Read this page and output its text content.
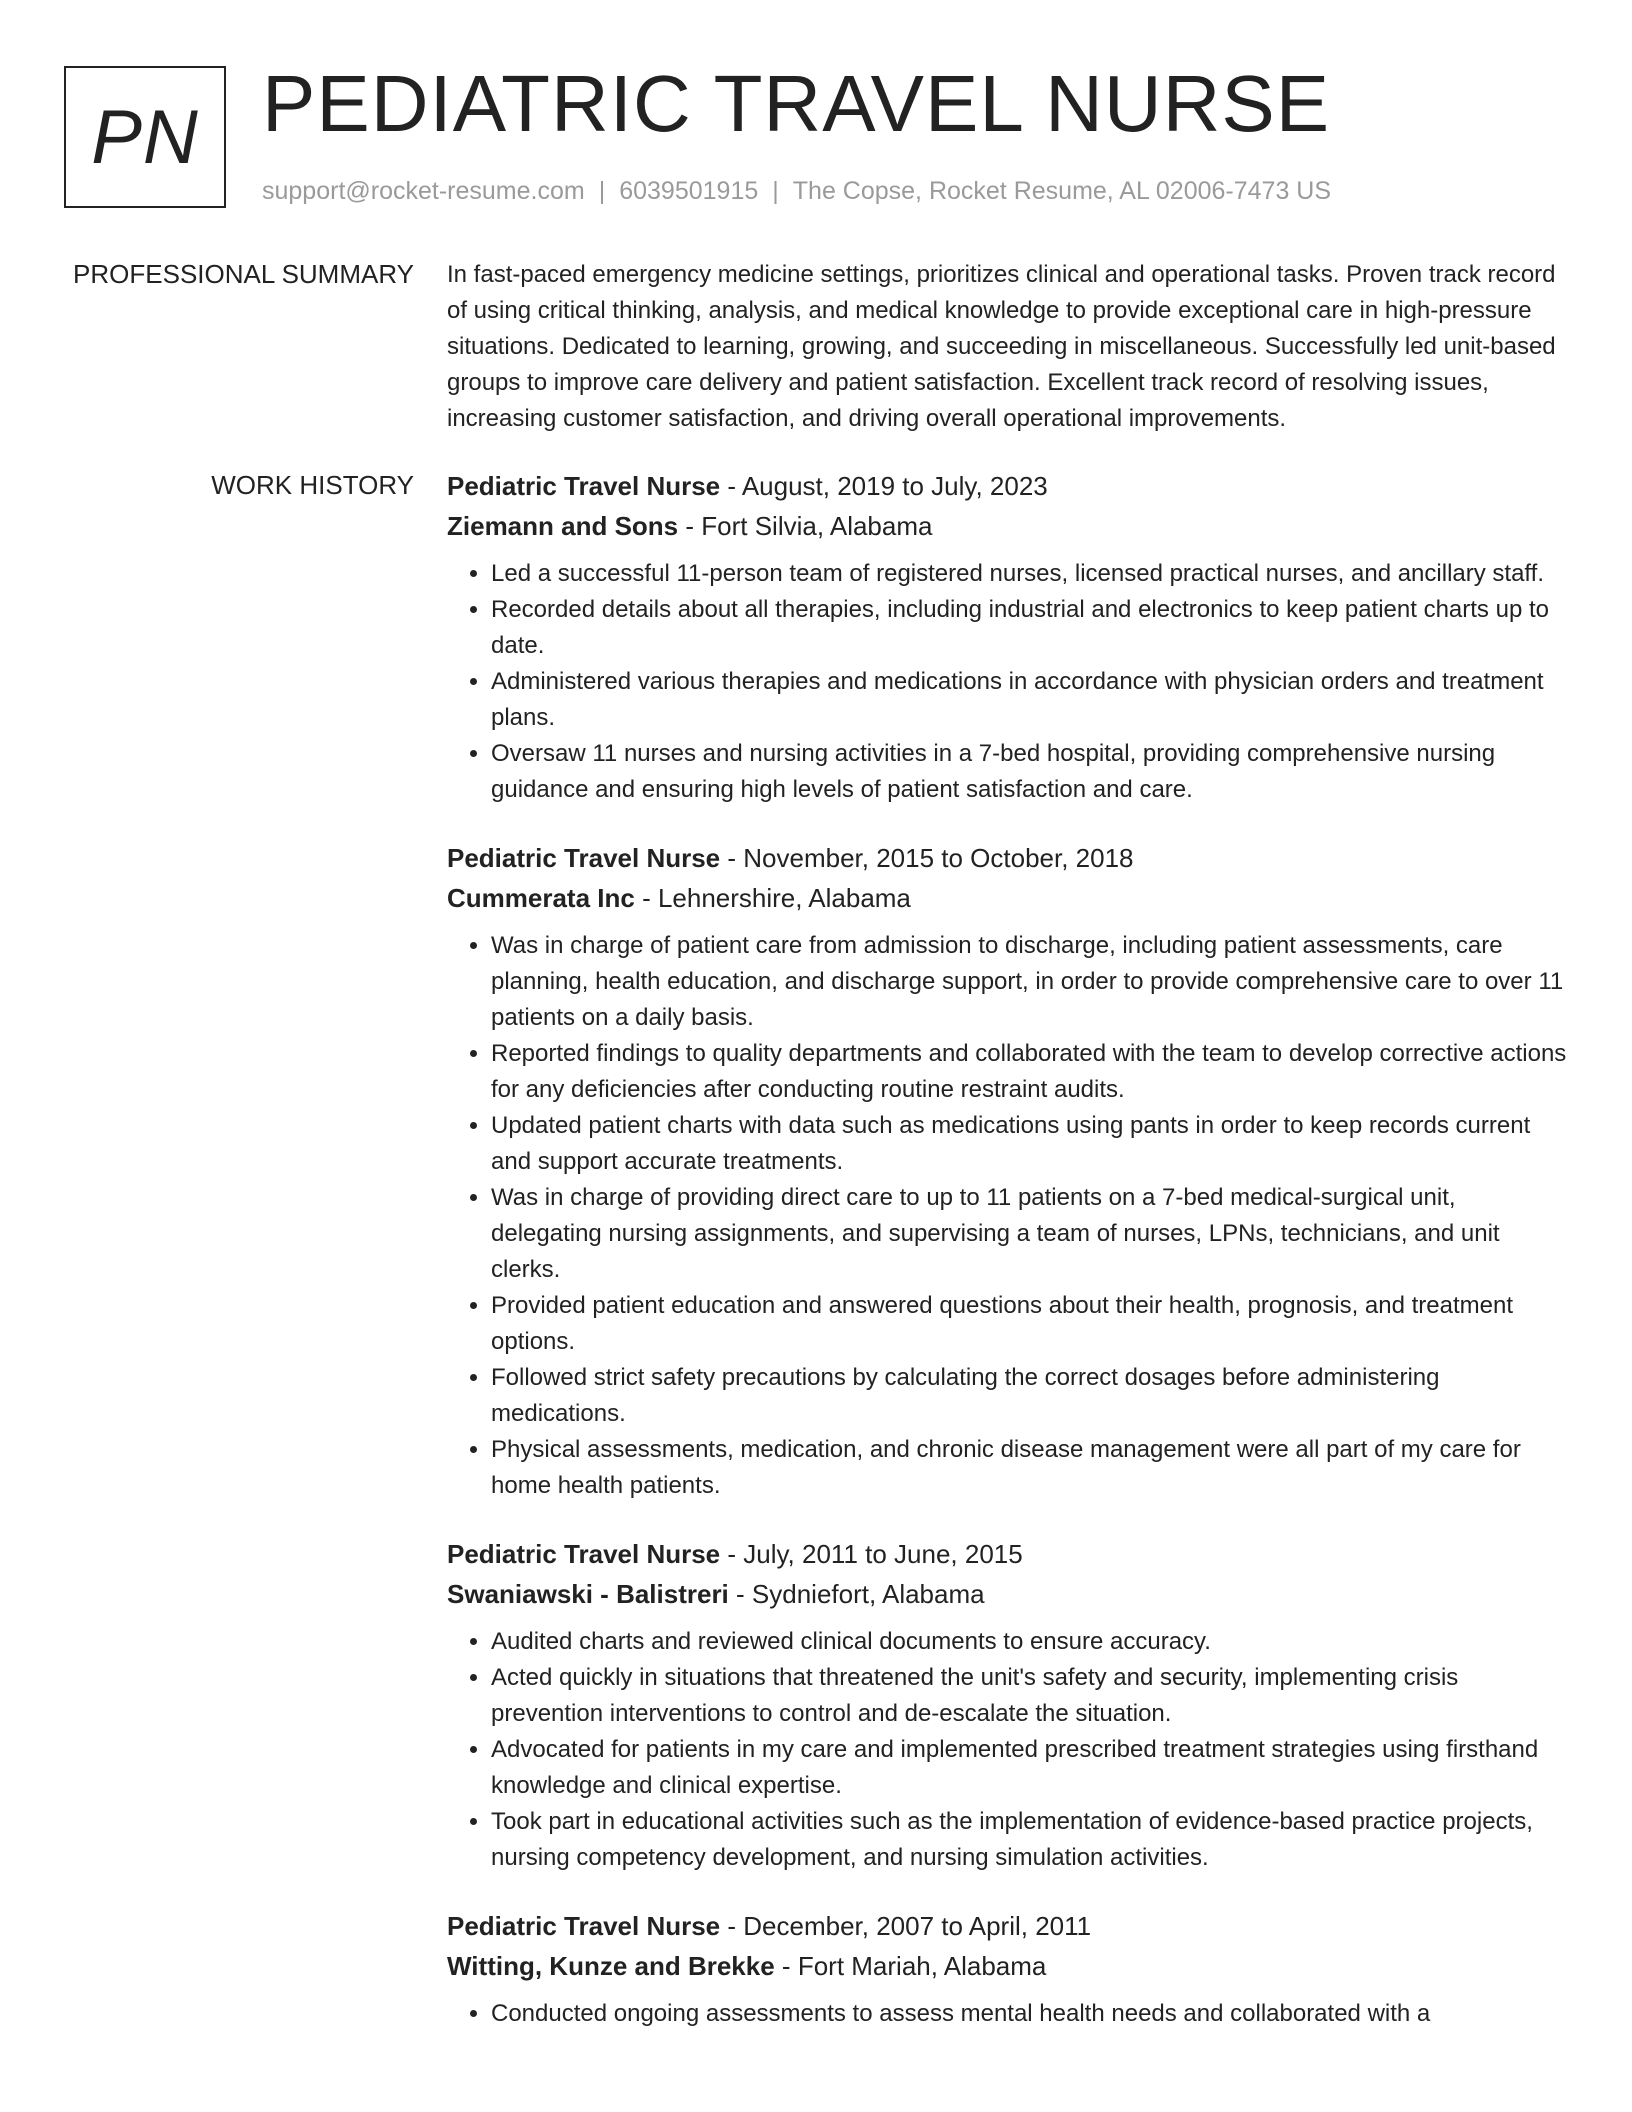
PN PEDIATRIC TRAVEL NURSE
support@rocket-resume.com | 6039501915 | The Copse, Rocket Resume, AL 02006-7473 US
PROFESSIONAL SUMMARY In fast-paced emergency medicine settings, prioritizes clinical and operational tasks. Proven track record of using critical thinking, analysis, and medical knowledge to provide exceptional care in high-pressure situations. Dedicated to learning, growing, and succeeding in miscellaneous. Successfully led unit-based groups to improve care delivery and patient satisfaction. Excellent track record of resolving issues, increasing customer satisfaction, and driving overall operational improvements.

WORK HISTORY Pediatric Travel Nurse - August, 2019 to July, 2023
Ziemann and Sons - Fort Silvia, Alabama
• Led a successful 11-person team of registered nurses, licensed practical nurses, and ancillary staff.
• Recorded details about all therapies, including industrial and electronics to keep patient charts up to date.
• Administered various therapies and medications in accordance with physician orders and treatment plans.
• Oversaw 11 nurses and nursing activities in a 7-bed hospital, providing comprehensive nursing guidance and ensuring high levels of patient satisfaction and care.
Pediatric Travel Nurse - November, 2015 to October, 2018
Cummerata Inc - Lehnershire, Alabama
• Was in charge of patient care from admission to discharge, including patient assessments, care planning, health education, and discharge support, in order to provide comprehensive care to over 11 patients on a daily basis.
• Reported findings to quality departments and collaborated with the team to develop corrective actions for any deficiencies after conducting routine restraint audits.
• Updated patient charts with data such as medications using pants in order to keep records current and support accurate treatments.
• Was in charge of providing direct care to up to 11 patients on a 7-bed medical-surgical unit, delegating nursing assignments, and supervising a team of nurses, LPNs, technicians, and unit clerks.
• Provided patient education and answered questions about their health, prognosis, and treatment options.
• Followed strict safety precautions by calculating the correct dosages before administering medications.
• Physical assessments, medication, and chronic disease management were all part of my care for home health patients.
Pediatric Travel Nurse - July, 2011 to June, 2015
Swaniawski - Balistreri - Sydniefort, Alabama
• Audited charts and reviewed clinical documents to ensure accuracy.
• Acted quickly in situations that threatened the unit's safety and security, implementing crisis prevention interventions to control and de-escalate the situation.
• Advocated for patients in my care and implemented prescribed treatment strategies using firsthand knowledge and clinical expertise.
• Took part in educational activities such as the implementation of evidence-based practice projects, nursing competency development, and nursing simulation activities.
Pediatric Travel Nurse - December, 2007 to April, 2011
Witting, Kunze and Brekke - Fort Mariah, Alabama
• Conducted ongoing assessments to assess mental health needs and collaborated with a
